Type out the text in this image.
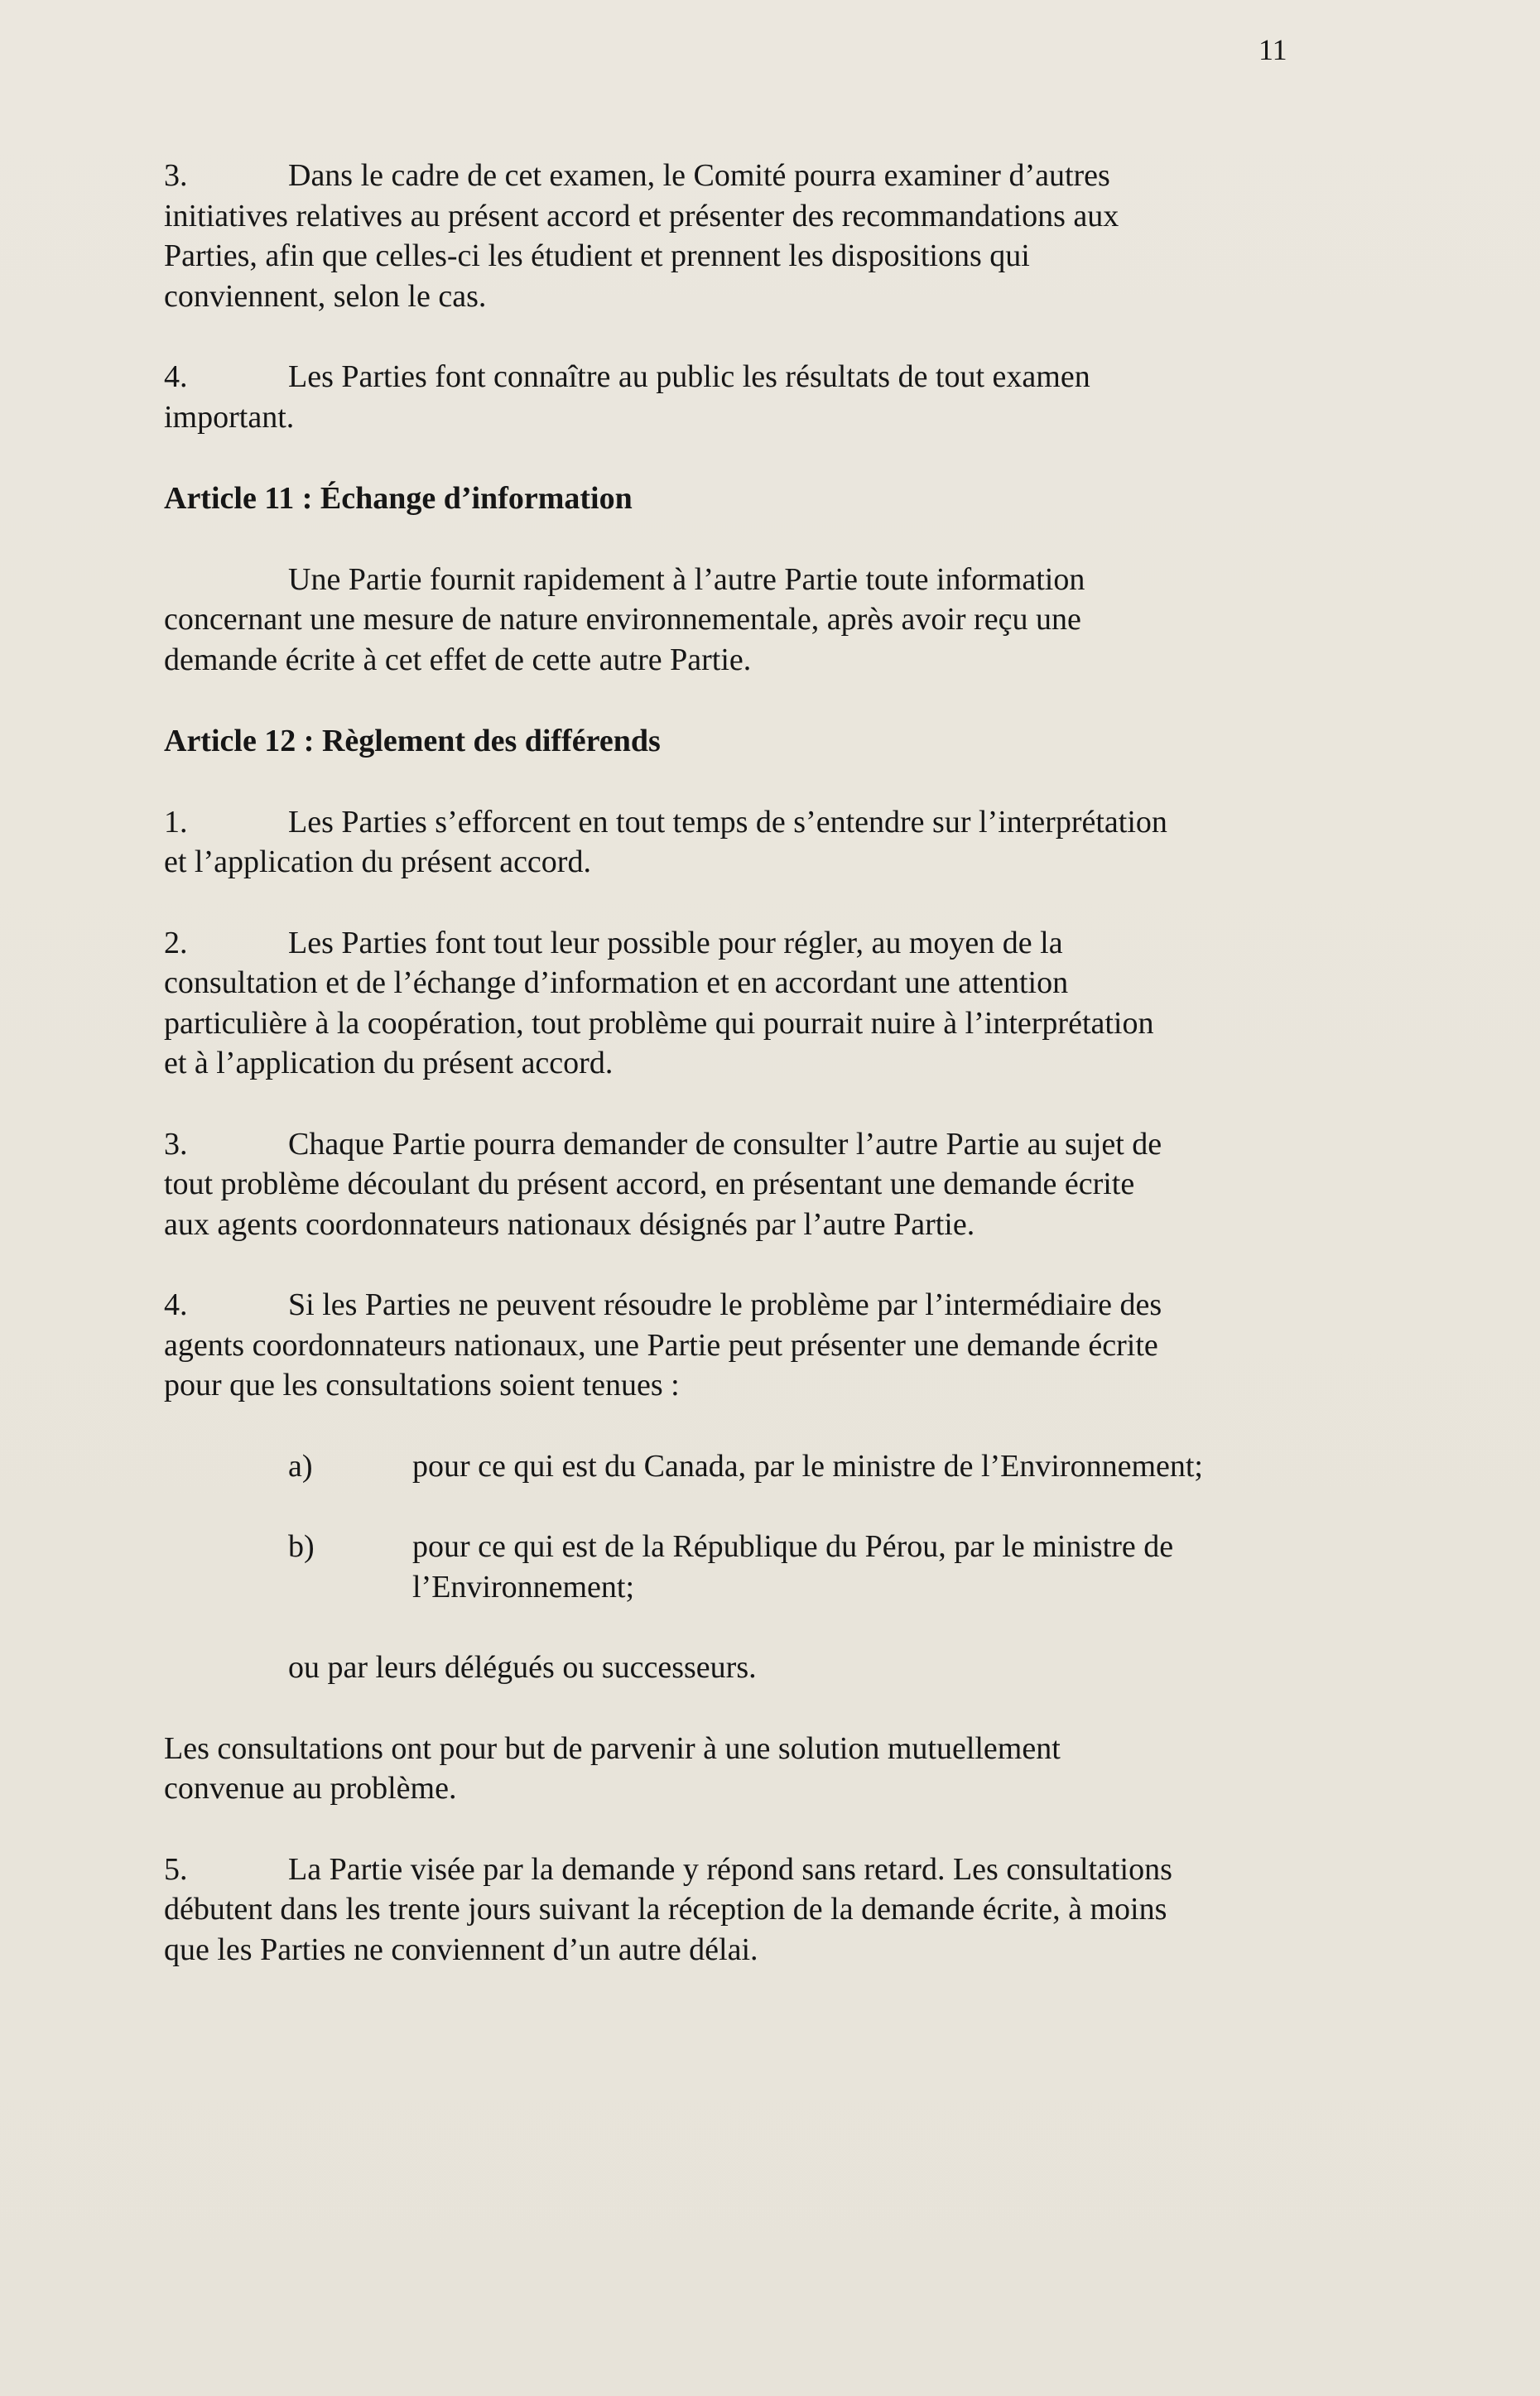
11
3.	Dans le cadre de cet examen, le Comité pourra examiner d’autres
initiatives relatives au présent accord et présenter des recommandations aux
Parties, afin que celles-ci les étudient et prennent les dispositions qui
conviennent, selon le cas.
4.	Les Parties font connaître au public les résultats de tout examen
important.
Article 11 : Échange d’information
Une Partie fournit rapidement à l’autre Partie toute information
concernant une mesure de nature environnementale, après avoir reçu une
demande écrite à cet effet de cette autre Partie.
Article 12 : Règlement des différends
1.	Les Parties s’efforcent en tout temps de s’entendre sur l’interprétation
et l’application du présent accord.
2.	Les Parties font tout leur possible pour régler, au moyen de la
consultation et de l’échange d’information et en accordant une attention
particulière à la coopération, tout problème qui pourrait nuire à l’interprétation
et à l’application du présent accord.
3.	Chaque Partie pourra demander de consulter l’autre Partie au sujet de
tout problème découlant du présent accord, en présentant une demande écrite
aux agents coordonnateurs nationaux désignés par l’autre Partie.
4.	Si les Parties ne peuvent résoudre le problème par l’intermédiaire des
agents coordonnateurs nationaux, une Partie peut présenter une demande écrite
pour que les consultations soient tenues :
a)	pour ce qui est du Canada, par le ministre de l’Environnement;
b)	pour ce qui est de la République du Pérou, par le ministre de
l’Environnement;
ou par leurs délégués ou successeurs.
Les consultations ont pour but de parvenir à une solution mutuellement
convenue au problème.
5.	La Partie visée par la demande y répond sans retard. Les consultations
débutent dans les trente jours suivant la réception de la demande écrite, à moins
que les Parties ne conviennent d’un autre délai.
